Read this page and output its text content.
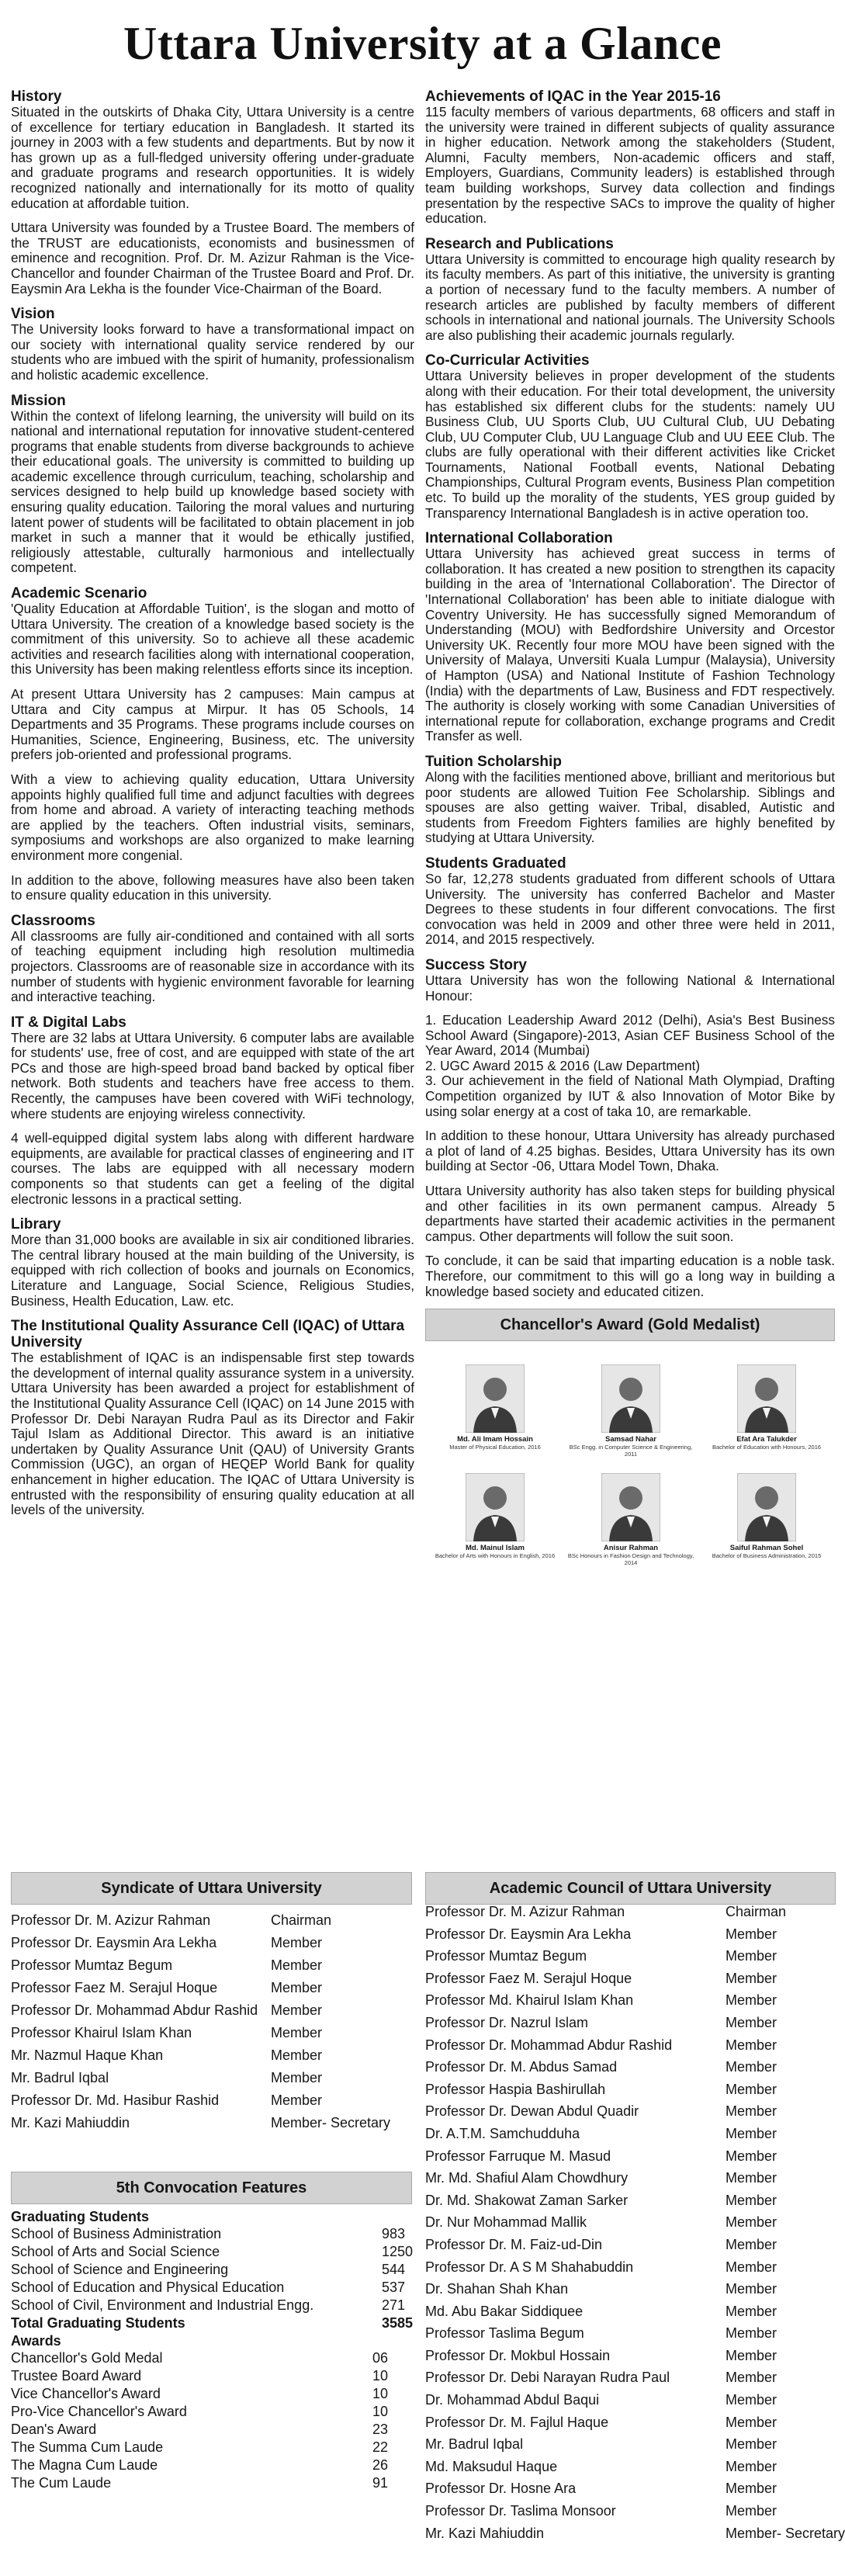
Uttara University at a Glance
History

Situated in the outskirts of Dhaka City, Uttara University is a centre of excellence for tertiary education in Bangladesh. It started its journey in 2003 with a few students and departments. But by now it has grown up as a full-fledged university offering under-graduate and graduate programs and research opportunities. It is widely recognized nationally and internationally for its motto of quality education at affordable tuition.

Uttara University was founded by a Trustee Board. The members of the TRUST are educationists, economists and businessmen of eminence and recognition. Prof. Dr. M. Azizur Rahman is the Vice-Chancellor and founder Chairman of the Trustee Board and Prof. Dr. Eaysmin Ara Lekha is the founder Vice-Chairman of the Board.

Vision

The University looks forward to have a transformational impact on our society with international quality service rendered by our students who are imbued with the spirit of humanity, professionalism and holistic academic excellence.

Mission

Within the context of lifelong learning, the university will build on its national and international reputation for innovative student-centered programs that enable students from diverse backgrounds to achieve their educational goals. The university is committed to building up academic excellence through curriculum, teaching, scholarship and services designed to help build up knowledge based society with ensuring quality education. Tailoring the moral values and nurturing latent power of students will be facilitated to obtain placement in job market in such a manner that it would be ethically justified, religiously attestable, culturally harmonious and intellectually competent.

Academic Scenario

'Quality Education at Affordable Tuition', is the slogan and motto of Uttara University. The creation of a knowledge based society is the commitment of this university. So to achieve all these academic activities and research facilities along with international cooperation, this University has been making relentless efforts since its inception.

At present Uttara University has 2 campuses: Main campus at Uttara and City campus at Mirpur. It has 05 Schools, 14 Departments and 35 Programs. These programs include courses on Humanities, Science, Engineering, Business, etc. The university prefers job-oriented and professional programs.

With a view to achieving quality education, Uttara University appoints highly qualified full time and adjunct faculties with degrees from home and abroad. A variety of interacting teaching methods are applied by the teachers. Often industrial visits, seminars, symposiums and workshops are also organized to make learning environment more congenial.

In addition to the above, following measures have also been taken to ensure quality education in this university.

Classrooms

All classrooms are fully air-conditioned and contained with all sorts of teaching equipment including high resolution multimedia projectors. Classrooms are of reasonable size in accordance with its number of students with hygienic environment favorable for learning and interactive teaching.

IT & Digital Labs

There are 32 labs at Uttara University. 6 computer labs are available for students' use, free of cost, and are equipped with state of the art PCs and those are high-speed broad band backed by optical fiber network. Both students and teachers have free access to them. Recently, the campuses have been covered with WiFi technology, where students are enjoying wireless connectivity.

4 well-equipped digital system labs along with different hardware equipments, are available for practical classes of engineering and IT courses. The labs are equipped with all necessary modern components so that students can get a feeling of the digital electronic lessons in a practical setting.

Library

More than 31,000 books are available in six air conditioned libraries. The central library housed at the main building of the University, is equipped with rich collection of books and journals on Economics, Literature and Language, Social Science, Religious Studies, Business, Health Education, Law. etc.

The Institutional Quality Assurance Cell (IQAC) of Uttara University

The establishment of IQAC is an indispensable first step towards the development of internal quality assurance system in a university. Uttara University has been awarded a project for establishment of the Institutional Quality Assurance Cell (IQAC) on 14 June 2015 with Professor Dr. Debi Narayan Rudra Paul as its Director and Fakir Tajul Islam as Additional Director. This award is an initiative undertaken by Quality Assurance Unit (QAU) of University Grants Commission (UGC), an organ of HEQEP World Bank for quality enhancement in higher education. The IQAC of Uttara University is entrusted with the responsibility of ensuring quality education at all levels of the university.

Achievements of IQAC in the Year 2015-16

115 faculty members of various departments, 68 officers and staff in the university were trained in different subjects of quality assurance in higher education. Network among the stakeholders (Student, Alumni, Faculty members, Non-academic officers and staff, Employers, Guardians, Community leaders) is established through team building workshops, Survey data collection and findings presentation by the respective SACs to improve the quality of higher education.

Research and Publications

Uttara University is committed to encourage high quality research by its faculty members. As part of this initiative, the university is granting a portion of necessary fund to the faculty members. A number of research articles are published by faculty members of different schools in international and national journals. The University Schools are also publishing their academic journals regularly.

Co-Curricular Activities

Uttara University believes in proper development of the students along with their education. For their total development, the university has established six different clubs for the students: namely UU Business Club, UU Sports Club, UU Cultural Club, UU Debating Club, UU Computer Club, UU Language Club and UU EEE Club. The clubs are fully operational with their different activities like Cricket Tournaments, National Football events, National Debating Championships, Cultural Program events, Business Plan competition etc. To build up the morality of the students, YES group guided by Transparency International Bangladesh is in active operation too.

International Collaboration

Uttara University has achieved great success in terms of collaboration. It has created a new position to strengthen its capacity building in the area of 'International Collaboration'. The Director of 'International Collaboration' has been able to initiate dialogue with Coventry University. He has successfully signed Memorandum of Understanding (MOU) with Bedfordshire University and Orcestor University UK. Recently four more MOU have been signed with the University of Malaya, Unversiti Kuala Lumpur (Malaysia), University of Hampton (USA) and National Institute of Fashion Technology (India) with the departments of Law, Business and FDT respectively. The authority is closely working with some Canadian Universities of international repute for collaboration, exchange programs and Credit Transfer as well.

Tuition Scholarship

Along with the facilities mentioned above, brilliant and meritorious but poor students are allowed Tuition Fee Scholarship. Siblings and spouses are also getting waiver. Tribal, disabled, Autistic and students from Freedom Fighters families are highly benefited by studying at Uttara University.

Students Graduated

So far, 12,278 students graduated from different schools of Uttara University. The university has conferred Bachelor and Master Degrees to these students in four different convocations. The first convocation was held in 2009 and other three were held in 2011, 2014, and 2015 respectively.

Success Story

Uttara University has won the following National & International Honour:

1. Education Leadership Award 2012 (Delhi), Asia's Best Business School Award (Singapore)-2013, Asian CEF Business School of the Year Award, 2014 (Mumbai)
2. UGC Award 2015 & 2016 (Law Department)
3. Our achievement in the field of National Math Olympiad, Drafting Competition organized by IUT & also Innovation of Motor Bike by using solar energy at a cost of taka 10, are remarkable.

In addition to these honour, Uttara University has already purchased a plot of land of 4.25 bighas. Besides, Uttara University has its own building at Sector -06, Uttara Model Town, Dhaka.

Uttara University authority has also taken steps for building physical and other facilities in its own permanent campus. Already 5 departments have started their academic activities in the permanent campus. Other departments will follow the suit soon.

To conclude, it can be said that imparting education is a noble task. Therefore, our commitment to this will go a long way in building a knowledge based society and educated citizen.

Chancellor's Award (Gold Medalist)
Md. Ali Imam Hossain
Master of Physical Education, 2016
Samsad Nahar
BSc Engg. in Computer Science & Engineering, 2011
Efat Ara Talukder
Bachelor of Education with Honours, 2016
Md. Mainul Islam
Bachelor of Arts with Honours in English, 2016
Anisur Rahman
BSc Honours in Fashion Design and Technology, 2014
Saiful Rahman Sohel
Bachelor of Business Administration, 2015
Syndicate of Uttara University
Professor Dr. M. Azizur Rahman	Chairman
Professor Dr. Eaysmin Ara Lekha	Member
Professor Mumtaz Begum	Member
Professor Faez M. Serajul Hoque	Member
Professor Dr. Mohammad Abdur Rashid Member
Professor Khairul Islam Khan	Member
Mr. Nazmul Haque Khan	Member
Mr. Badrul Iqbal	Member
Professor Dr. Md. Hasibur Rashid	Member
Mr. Kazi Mahiuddin	Member- Secretary
5th Convocation Features
Graduating Students
School of Business Administration	983
School of Arts and Social Science	1250
School of Science and Engineering	544
School of Education and Physical Education	537
School of Civil, Environment and Industrial Engg.	271
Total Graduating Students	3585
Awards
Chancellor's Gold Medal	06
Trustee Board Award	10
Vice Chancellor's Award	10
Pro-Vice Chancellor's Award	10
Dean's Award	23
The Summa Cum Laude	22
The Magna Cum Laude	26
The Cum Laude	91
Academic Council of Uttara University
Professor Dr. M. Azizur Rahman	Chairman
Professor Dr. Eaysmin Ara Lekha	Member
Professor Mumtaz Begum	Member
Professor Faez M. Serajul Hoque	Member
Professor Md. Khairul Islam Khan	Member
Professor Dr. Nazrul Islam	Member
Professor Dr. Mohammad Abdur Rashid	Member
Professor Dr. M. Abdus Samad	Member
Professor Haspia Bashirullah	Member
Professor Dr. Dewan Abdul Quadir	Member
Dr. A.T.M. Samchudduha	Member
Professor Farruque M. Masud	Member
Mr. Md. Shafiul Alam Chowdhury	Member
Dr. Md. Shakowat Zaman Sarker	Member
Dr. Nur Mohammad Mallik	Member
Professor Dr. M. Faiz-ud-Din	Member
Professor Dr. A S M Shahabuddin	Member
Dr. Shahan Shah Khan	Member
Md. Abu Bakar Siddiquee	Member
Professor Taslima Begum	Member
Professor Dr. Mokbul Hossain	Member
Professor Dr. Debi Narayan Rudra Paul	Member
Dr. Mohammad Abdul Baqui	Member
Professor Dr. M. Fajlul Haque	Member
Mr. Badrul Iqbal	Member
Md. Maksudul Haque	Member
Professor Dr. Hosne Ara	Member
Professor Dr. Taslima Monsoor	Member
Mr. Kazi Mahiuddin	Member- Secretary
